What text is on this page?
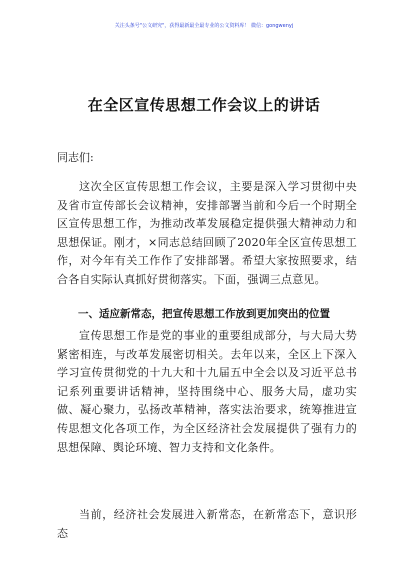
关注头条号"公文研究"，获得最新最全最专业的公文资料库！ 微信：gongwenyj
在全区宣传思想工作会议上的讲话
同志们:

这次全区宣传思想工作会议，主要是深入学习贯彻中央及省市宣传部长会议精神，安排部署当前和今后一个时期全区宣传思想工作，为推动改革发展稳定提供强大精神动力和思想保证。刚才，×同志总结回顾了2020年全区宣传思想工作，对今年有关工作作了安排部署。希望大家按照要求，结合各自实际认真抓好贯彻落实。下面，强调三点意见。

一、适应新常态，把宣传思想工作放到更加突出的位置

宣传思想工作是党的事业的重要组成部分，与大局大势紧密相连，与改革发展密切相关。去年以来，全区上下深入学习宣传贯彻党的十九大和十九届五中全会以及习近平总书记系列重要讲话精神，坚持围绕中心、服务大局，虚功实做、凝心聚力，弘扬改革精神，落实法治要求，统筹推进宣传思想文化各项工作，为全区经济社会发展提供了强有力的思想保障、舆论环境、智力支持和文化条件。

当前，经济社会发展进入新常态，在新常态下，意识形态
